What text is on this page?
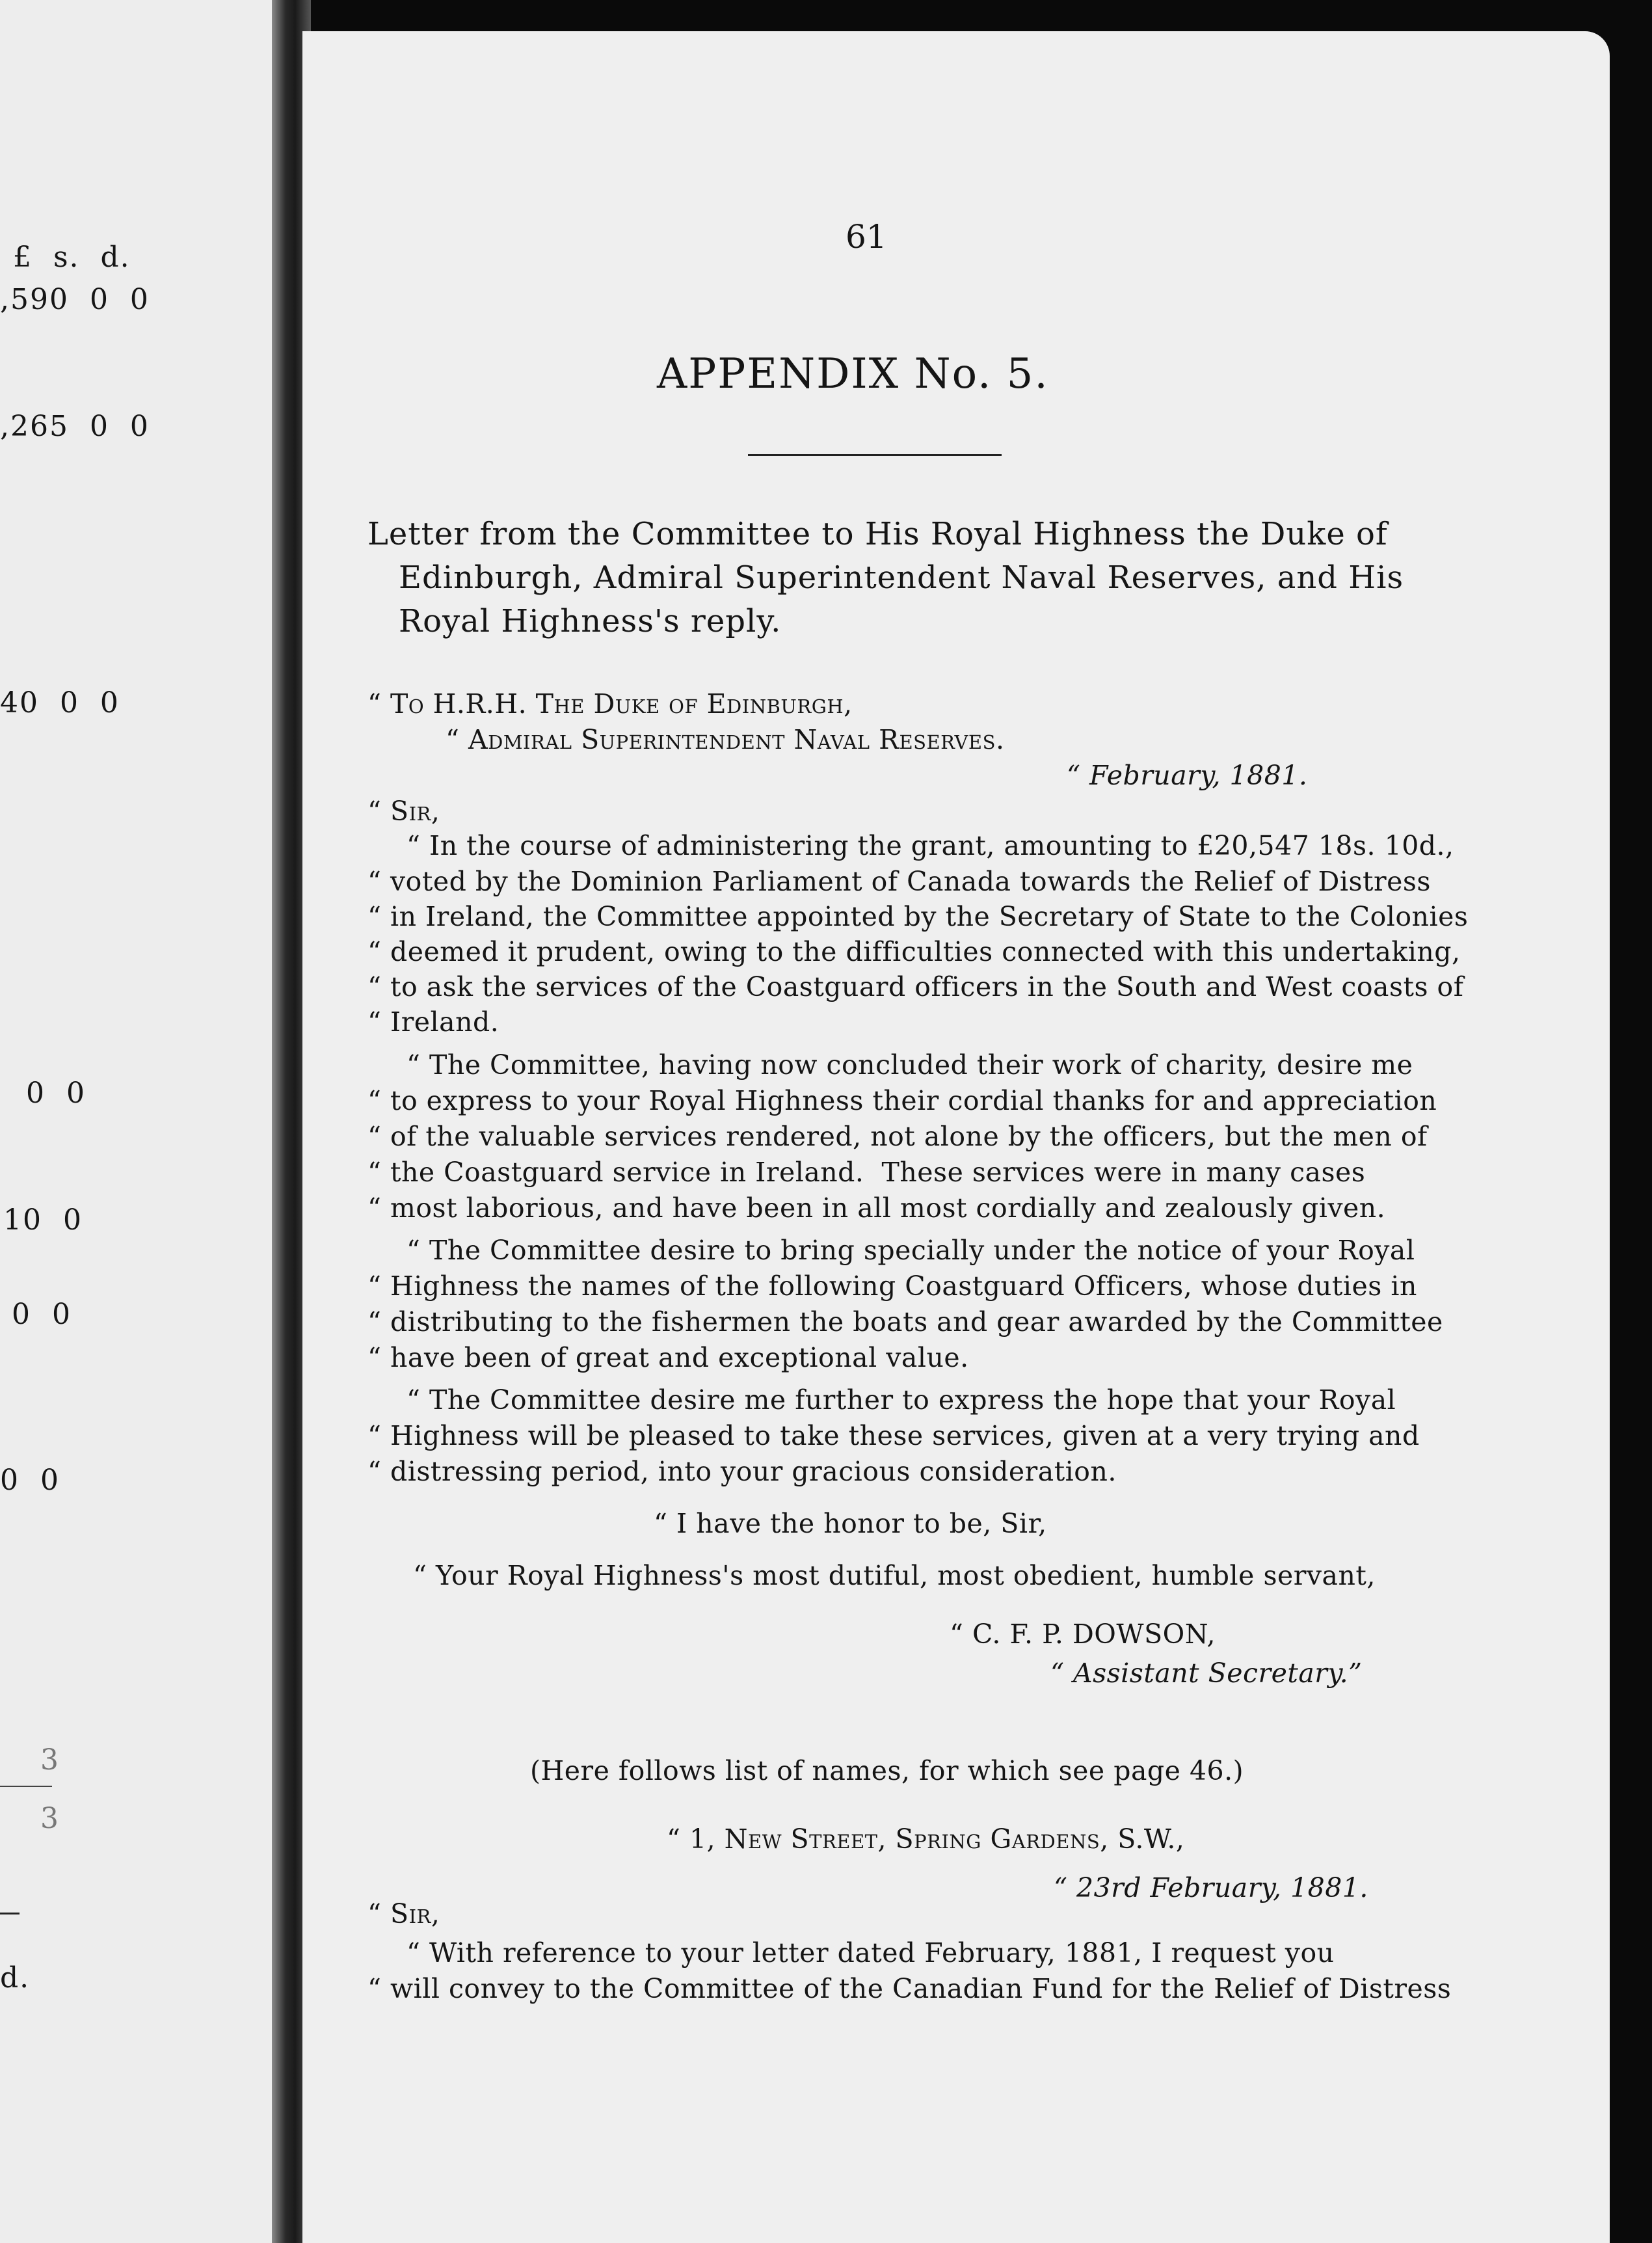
£  s.  d.
,590  0  0
,265  0  0
40  0  0
0  0
10  0
0  0
0  0
3
3
d.
61
APPENDIX No. 5.
Letter from the Committee to His Royal Highness the Duke of
Edinburgh, Admiral Superintendent Naval Reserves, and His
Royal Highness's reply.
“ To H.R.H. The Duke of Edinburgh,
“ Admiral Superintendent Naval Reserves.
“ February, 1881.
“ Sir,
“ In the course of administering the grant, amounting to £20,547 18s. 10d.,
“ voted by the Dominion Parliament of Canada towards the Relief of Distress
“ in Ireland, the Committee appointed by the Secretary of State to the Colonies
“ deemed it prudent, owing to the difficulties connected with this undertaking,
“ to ask the services of the Coastguard officers in the South and West coasts of
“ Ireland.
“ The Committee, having now concluded their work of charity, desire me
“ to express to your Royal Highness their cordial thanks for and appreciation
“ of the valuable services rendered, not alone by the officers, but the men of
“ the Coastguard service in Ireland.  These services were in many cases
“ most laborious, and have been in all most cordially and zealously given.
“ The Committee desire to bring specially under the notice of your Royal
“ Highness the names of the following Coastguard Officers, whose duties in
“ distributing to the fishermen the boats and gear awarded by the Committee
“ have been of great and exceptional value.
“ The Committee desire me further to express the hope that your Royal
“ Highness will be pleased to take these services, given at a very trying and
“ distressing period, into your gracious consideration.
“ I have the honor to be, Sir,
“ Your Royal Highness's most dutiful, most obedient, humble servant,
“ C. F. P. DOWSON,
“ Assistant Secretary.”
(Here follows list of names, for which see page 46.)
“ 1, New Street, Spring Gardens, S.W.,
“ 23rd February, 1881.
“ Sir,
“ With reference to your letter dated February, 1881, I request you
“ will convey to the Committee of the Canadian Fund for the Relief of Distress
